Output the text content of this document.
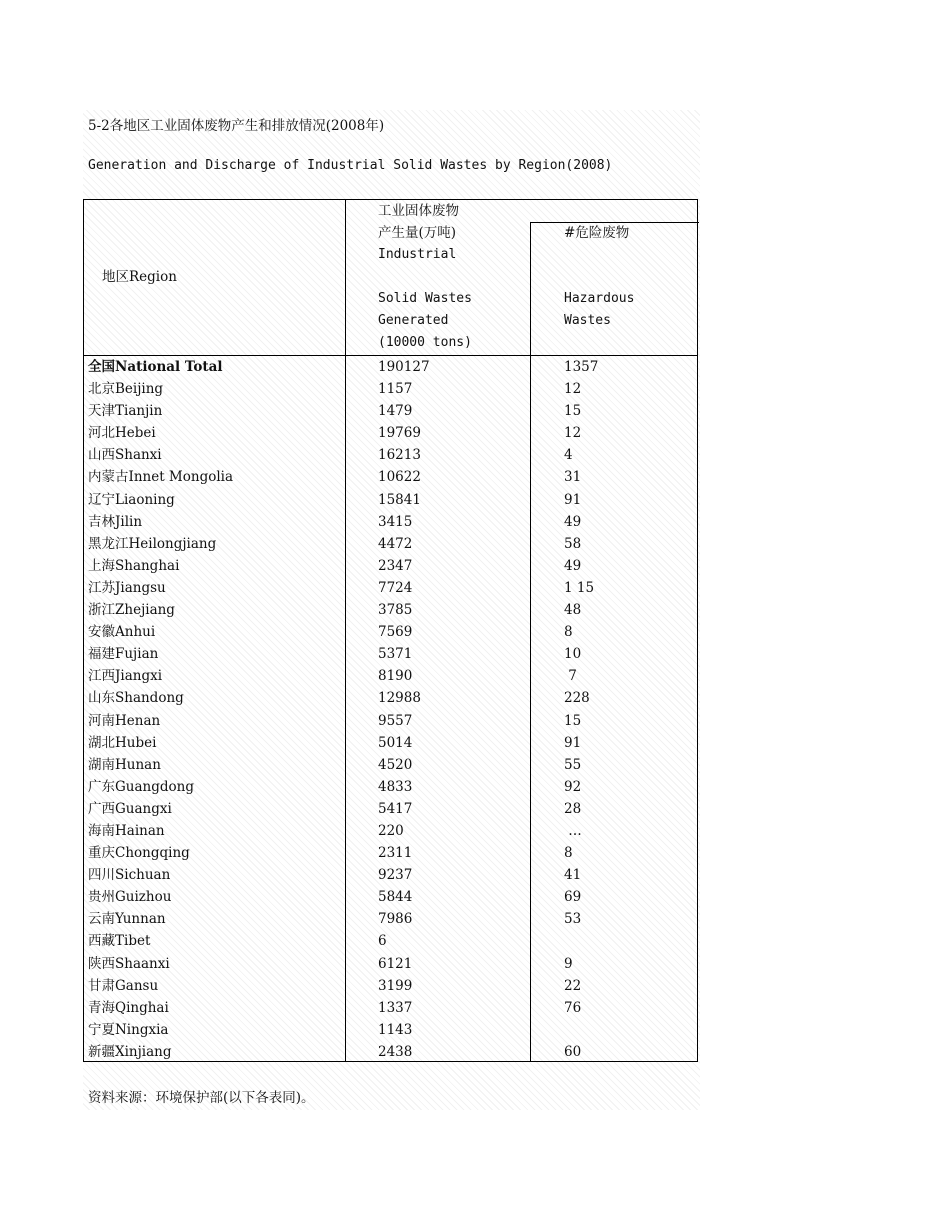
5-2各地区工业固体废物产生和排放情况(2008年)
Generation and Discharge of Industrial Solid Wastes by Region(2008)
地区Region
工业固体废物
产生量(万吨)
Industrial
Solid Wastes
Generated
(10000 tons)
#危险废物
Hazardous
Wastes
全国National Total	190127	1357
北京Beijing	1157	12
天津Tianjin	1479	15
河北Hebei	19769	12
山西Shanxi	16213	4
内蒙古Innet Mongolia	10622	31
辽宁Liaoning	15841	91
吉林Jilin	3415	49
黑龙江Heilongjiang	4472	58
上海Shanghai	2347	49
江苏Jiangsu	7724	1 15
浙江Zhejiang	3785	48
安徽Anhui	7569	8
福建Fujian	5371	10
江西Jiangxi	8190	7
山东Shandong	12988	228
河南Henan	9557	15
湖北Hubei	5014	91
湖南Hunan	4520	55
广东Guangdong	4833	92
广西Guangxi	5417	28
海南Hainan	220	…
重庆Chongqing	2311	8
四川Sichuan	9237	41
贵州Guizhou	5844	69
云南Yunnan	7986	53
西藏Tibet	6
陕西Shaanxi	6121	9
甘肃Gansu	3199	22
青海Qinghai	1337	76
宁夏Ningxia	1143
新疆Xinjiang	2438	60
资料来源：环境保护部(以下各表同)。
